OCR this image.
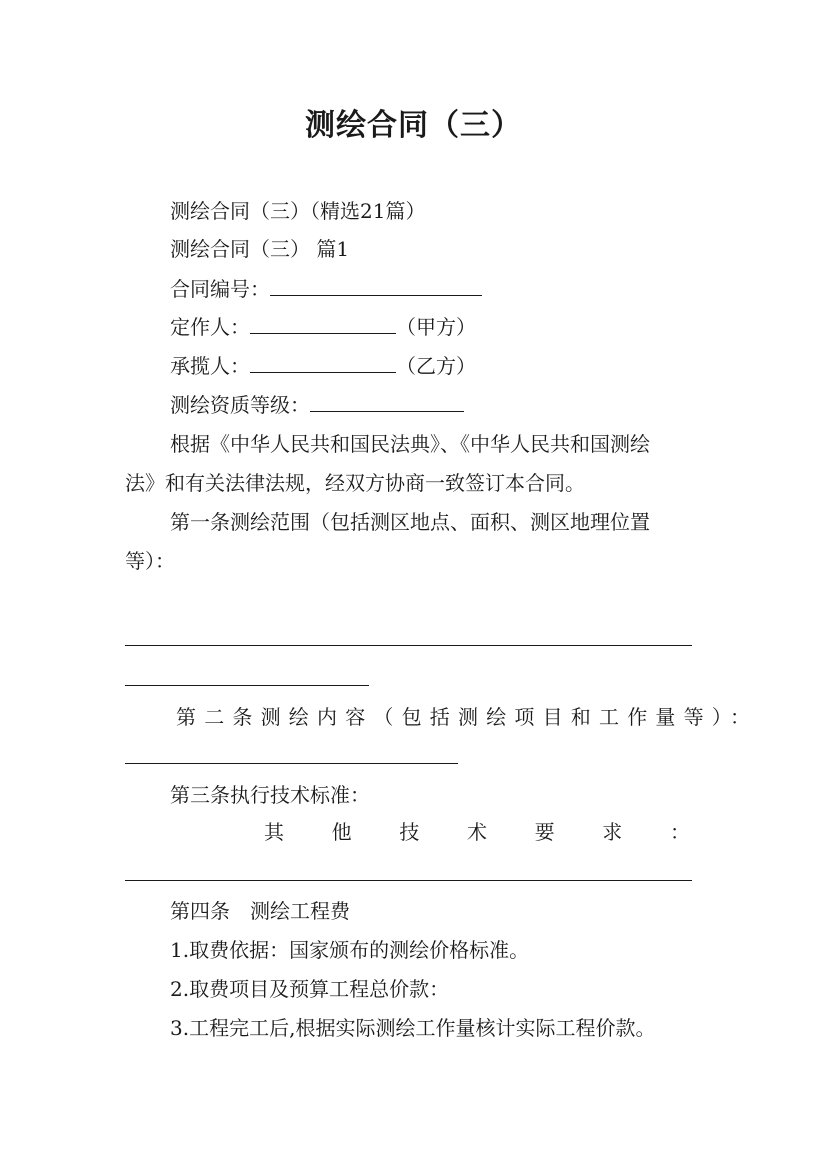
测绘合同（三）
测绘合同（三）（精选21篇）
测绘合同（三） 篇1
合同编号：
定作人：	（甲方）
承揽人：	（乙方）
测绘资质等级：
根据《中华人民共和国民法典》、《中华人民共和国测绘
法》和有关法律法规，经双方协商一致签订本合同。
第一条测绘范围（包括测区地点、面积、测区地理位置
等）：
第二条测绘内容（包括测绘项目和工作量等）：
第三条执行技术标准：
其 他 技 术 要 求 ：
第四条　测绘工程费
1.取费依据：国家颁布的测绘价格标准。
2.取费项目及预算工程总价款：
3.工程完工后,根据实际测绘工作量核计实际工程价款。
